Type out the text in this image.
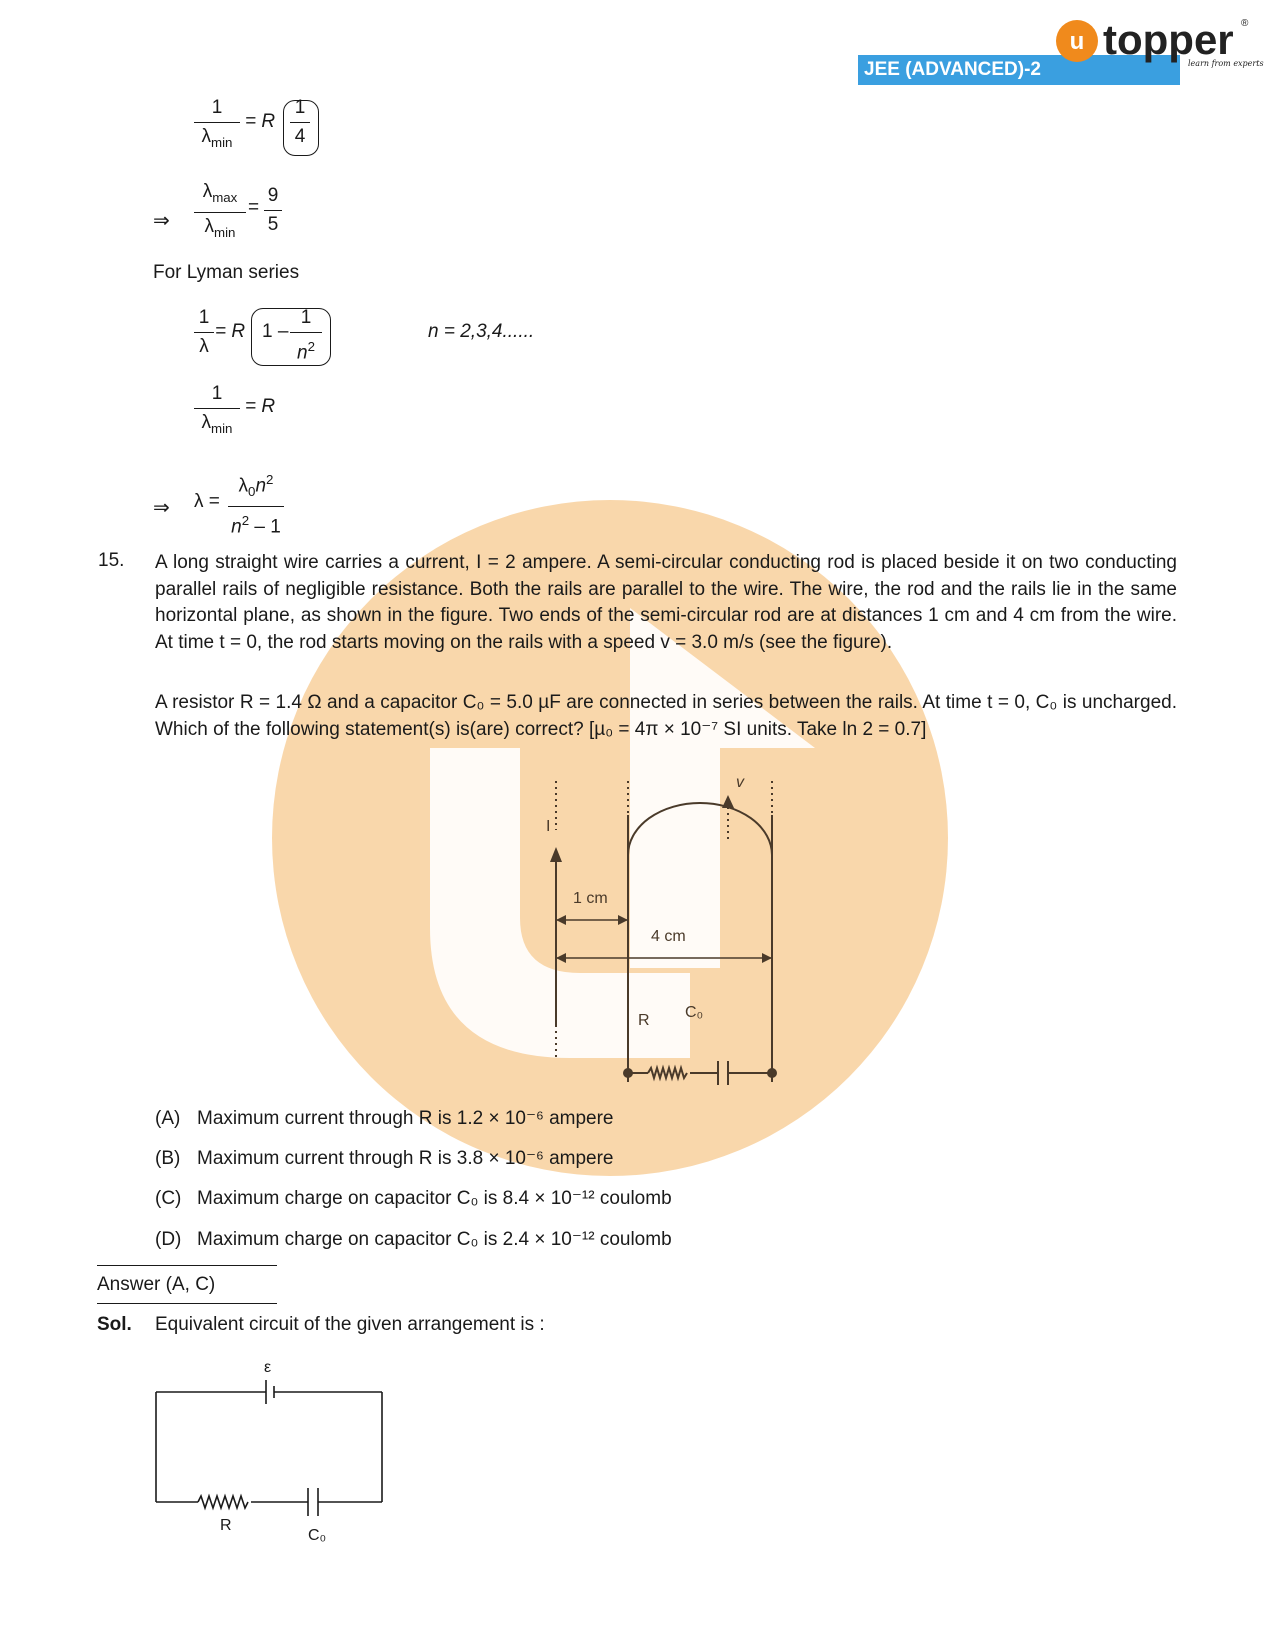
JEE (ADVANCED)-2
u topper
learn from experts
®
1
$\lambda_{min}$
= R
1
4
⇒
$\lambda_{max}$
$\lambda_{min}$
=
9
5
For Lyman series
1
λ
= R 1 –
1
$n^2$
n = 2,3,4......
1
$\lambda_{min}$
= R
⇒ λ =
$\lambda_0n^2$
$n^2 - 1$
15. A long straight wire carries a current, I = 2 ampere. A semi-circular conducting rod is placed beside it on two conducting parallel rails of negligible resistance. Both the rails are parallel to the wire. The wire, the rod and the rails lie in the same horizontal plane, as shown in the figure. Two ends of the semi-circular rod are at distances 1 cm and 4 cm from the wire. At time t = 0, the rod starts moving on the rails with a speed v = 3.0 m/s (see the figure).
A resistor R = 1.4 Ω and a capacitor C₀ = 5.0 µF are connected in series between the rails. At time t = 0, C₀ is uncharged. Which of the following statement(s) is(are) correct? [µ₀ = 4π × 10⁻⁷ SI units. Take ln 2 = 0.7]
I
v
1 cm
4 cm
R C₀
(A) Maximum current through R is 1.2 × 10⁻⁶ ampere
(B) Maximum current through R is 3.8 × 10⁻⁶ ampere
(C) Maximum charge on capacitor C₀ is 8.4 × 10⁻¹² coulomb
(D) Maximum charge on capacitor C₀ is 2.4 × 10⁻¹² coulomb
Answer (A, C)
Sol. Equivalent circuit of the given arrangement is :
ε
R
C₀
